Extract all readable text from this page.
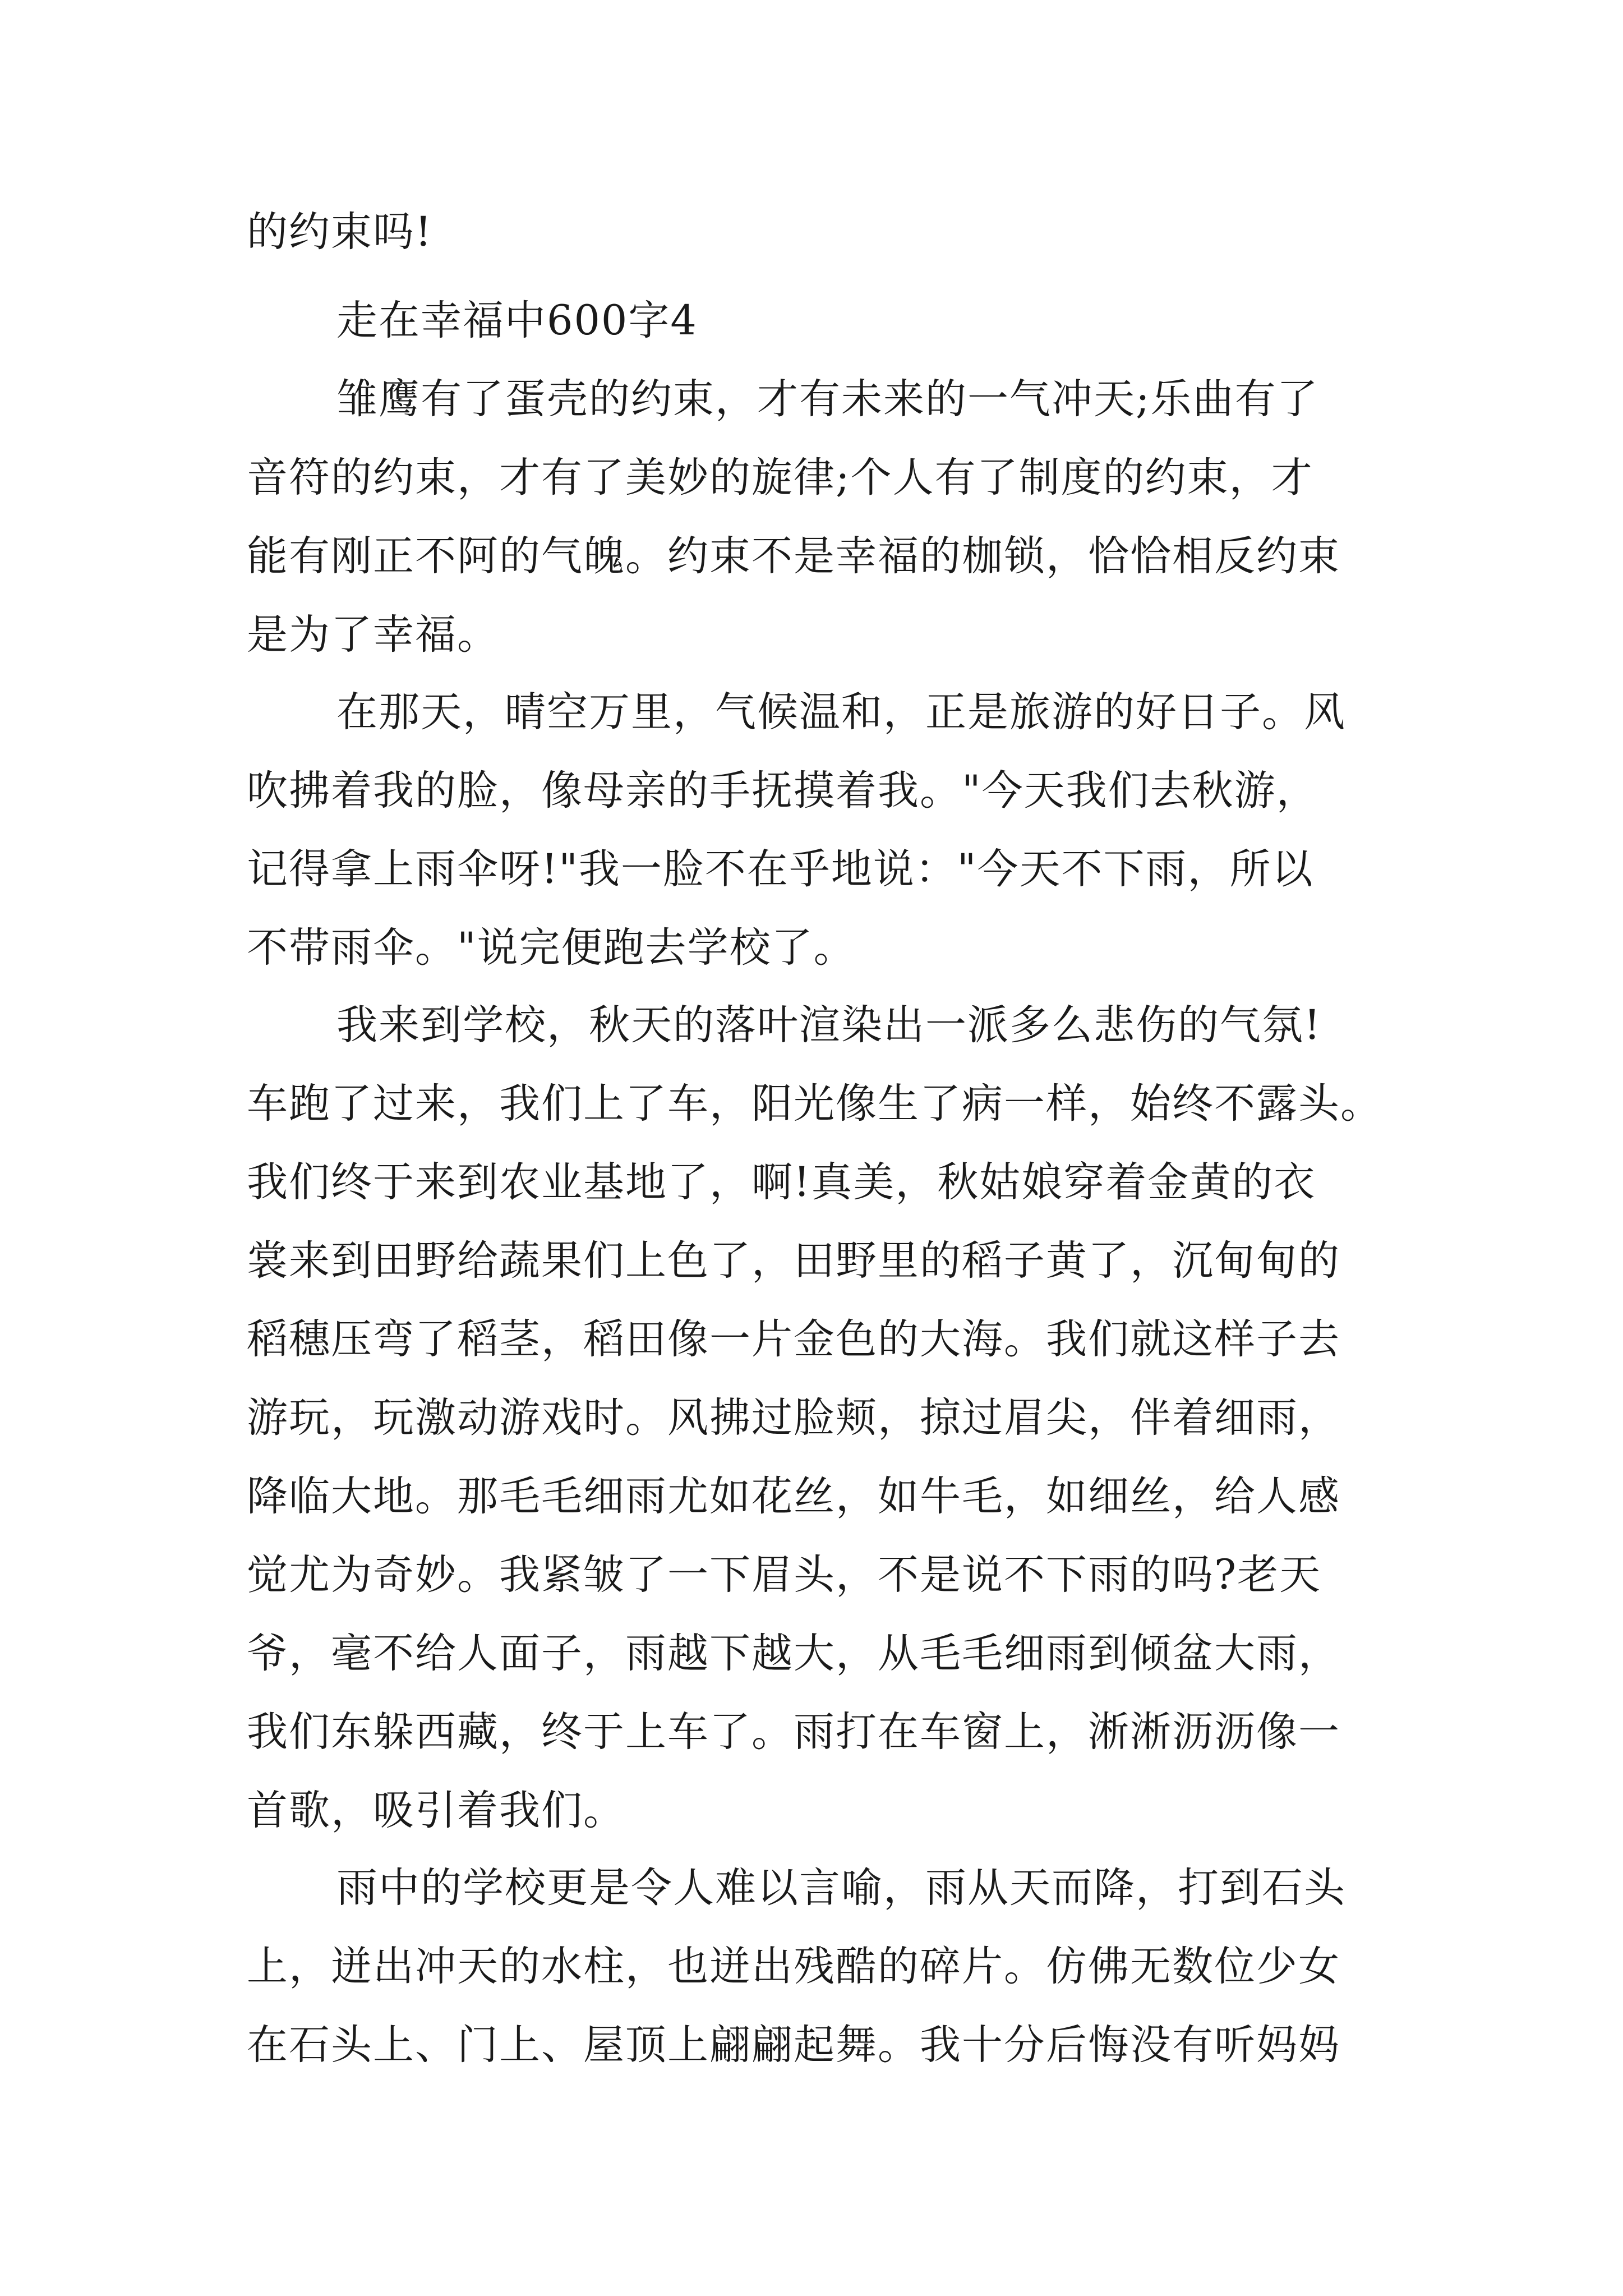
的约束吗!
走在幸福中600字4
雏鹰有了蛋壳的约束，才有未来的一气冲天;乐曲有了
音符的约束，才有了美妙的旋律;个人有了制度的约束，才
能有刚正不阿的气魄。约束不是幸福的枷锁，恰恰相反约束
是为了幸福。
在那天，晴空万里，气候温和，正是旅游的好日子。风
吹拂着我的脸，像母亲的手抚摸着我。"今天我们去秋游，
记得拿上雨伞呀!"我一脸不在乎地说："今天不下雨，所以
不带雨伞。"说完便跑去学校了。
我来到学校，秋天的落叶渲染出一派多么悲伤的气氛!
车跑了过来，我们上了车，阳光像生了病一样，始终不露头。
我们终于来到农业基地了，啊!真美，秋姑娘穿着金黄的衣
裳来到田野给蔬果们上色了，田野里的稻子黄了，沉甸甸的
稻穗压弯了稻茎，稻田像一片金色的大海。我们就这样子去
游玩，玩激动游戏时。风拂过脸颊，掠过眉尖，伴着细雨，
降临大地。那毛毛细雨尤如花丝，如牛毛，如细丝，给人感
觉尤为奇妙。我紧皱了一下眉头，不是说不下雨的吗?老天
爷，毫不给人面子，雨越下越大，从毛毛细雨到倾盆大雨，
我们东躲西藏，终于上车了。雨打在车窗上，淅淅沥沥像一
首歌，吸引着我们。
雨中的学校更是令人难以言喻，雨从天而降，打到石头
上，迸出冲天的水柱，也迸出残酷的碎片。仿佛无数位少女
在石头上、门上、屋顶上翩翩起舞。我十分后悔没有听妈妈
